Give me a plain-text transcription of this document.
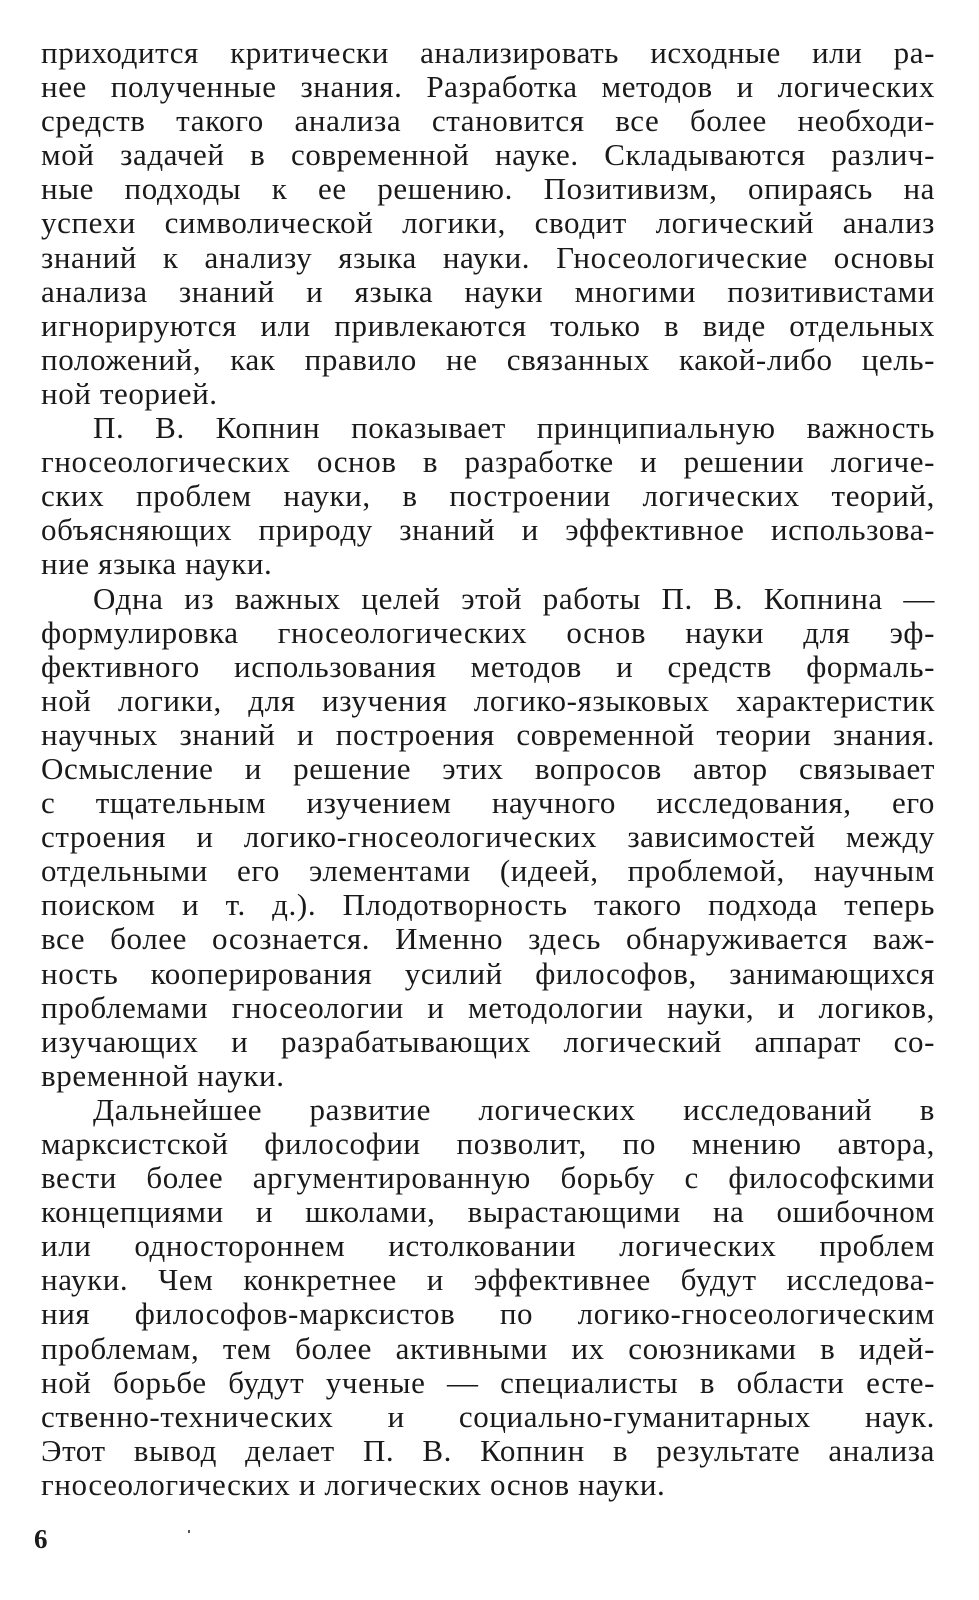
приходится критически анализировать исходные или ра-
нее полученные знания. Разработка методов и логических
средств такого анализа становится все более необходи-
мой задачей в современной науке. Складываются различ-
ные подходы к ее решению. Позитивизм, опираясь на
успехи символической логики, сводит логический анализ
знаний к анализу языка науки. Гносеологические основы
анализа знаний и языка науки многими позитивистами
игнорируются или привлекаются только в виде отдельных
положений, как правило не связанных какой-либо цель-
ной теорией.
П. В. Копнин показывает принципиальную важность
гносеологических основ в разработке и решении логиче-
ских проблем науки, в построении логических теорий,
объясняющих природу знаний и эффективное использова-
ние языка науки.
Одна из важных целей этой работы П. В. Копнина —
формулировка гносеологических основ науки для эф-
фективного использования методов и средств формаль-
ной логики, для изучения логико-языковых характеристик
научных знаний и построения современной теории знания.
Осмысление и решение этих вопросов автор связывает
с тщательным изучением научного исследования, его
строения и логико-гносеологических зависимостей между
отдельными его элементами (идеей, проблемой, научным
поиском и т. д.). Плодотворность такого подхода теперь
все более осознается. Именно здесь обнаруживается важ-
ность кооперирования усилий философов, занимающихся
проблемами гносеологии и методологии науки, и логиков,
изучающих и разрабатывающих логический аппарат со-
временной науки.
Дальнейшее развитие логических исследований в
марксистской философии позволит, по мнению автора,
вести более аргументированную борьбу с философскими
концепциями и школами, вырастающими на ошибочном
или одностороннем истолковании логических проблем
науки. Чем конкретнее и эффективнее будут исследова-
ния философов-марксистов по логико-гносеологическим
проблемам, тем более активными их союзниками в идей-
ной борьбе будут ученые — специалисты в области есте-
ственно-технических и социально-гуманитарных наук.
Этот вывод делает П. В. Копнин в результате анализа
гносеологических и логических основ науки.
6
